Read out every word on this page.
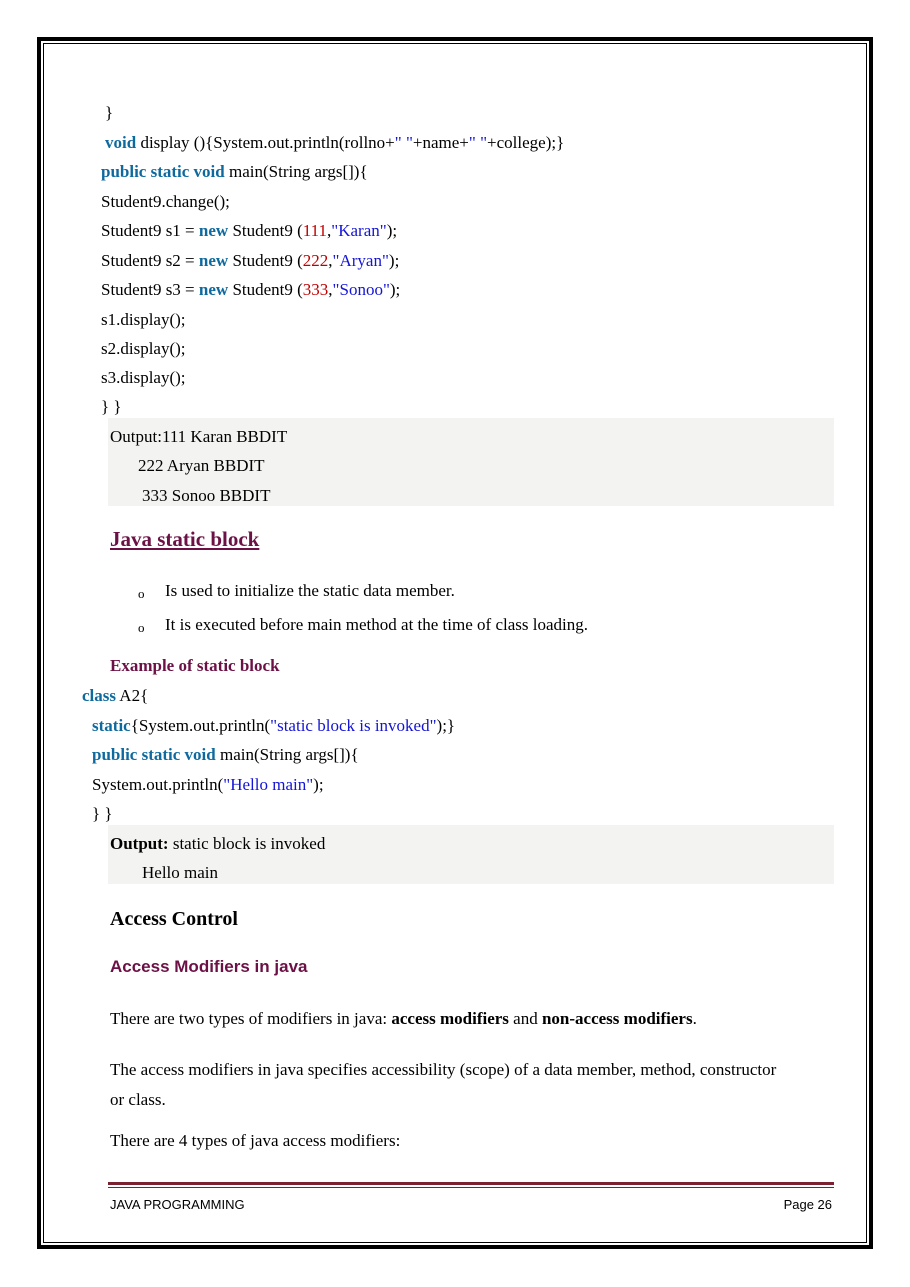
}
void display (){System.out.println(rollno+" "+name+" "+college);}
public static void main(String args[]){
Student9.change();
Student9 s1 = new Student9 (111,"Karan");
Student9 s2 = new Student9 (222,"Aryan");
Student9 s3 = new Student9 (333,"Sonoo");
s1.display();
s2.display();
s3.display();
} }
Output:111 Karan BBDIT
222 Aryan BBDIT
333 Sonoo BBDIT
Java static block
o Is used to initialize the static data member.
o It is executed before main method at the time of class loading.
Example of static block
class A2{
static{System.out.println("static block is invoked");}
public static void main(String args[]){
System.out.println("Hello main");
} }
Output: static block is invoked
Hello main
Access Control
Access Modifiers in java
There are two types of modifiers in java: access modifiers and non-access modifiers.
The access modifiers in java specifies accessibility (scope) of a data member, method, constructor
or class.
There are 4 types of java access modifiers:
JAVA PROGRAMMING	Page 26
